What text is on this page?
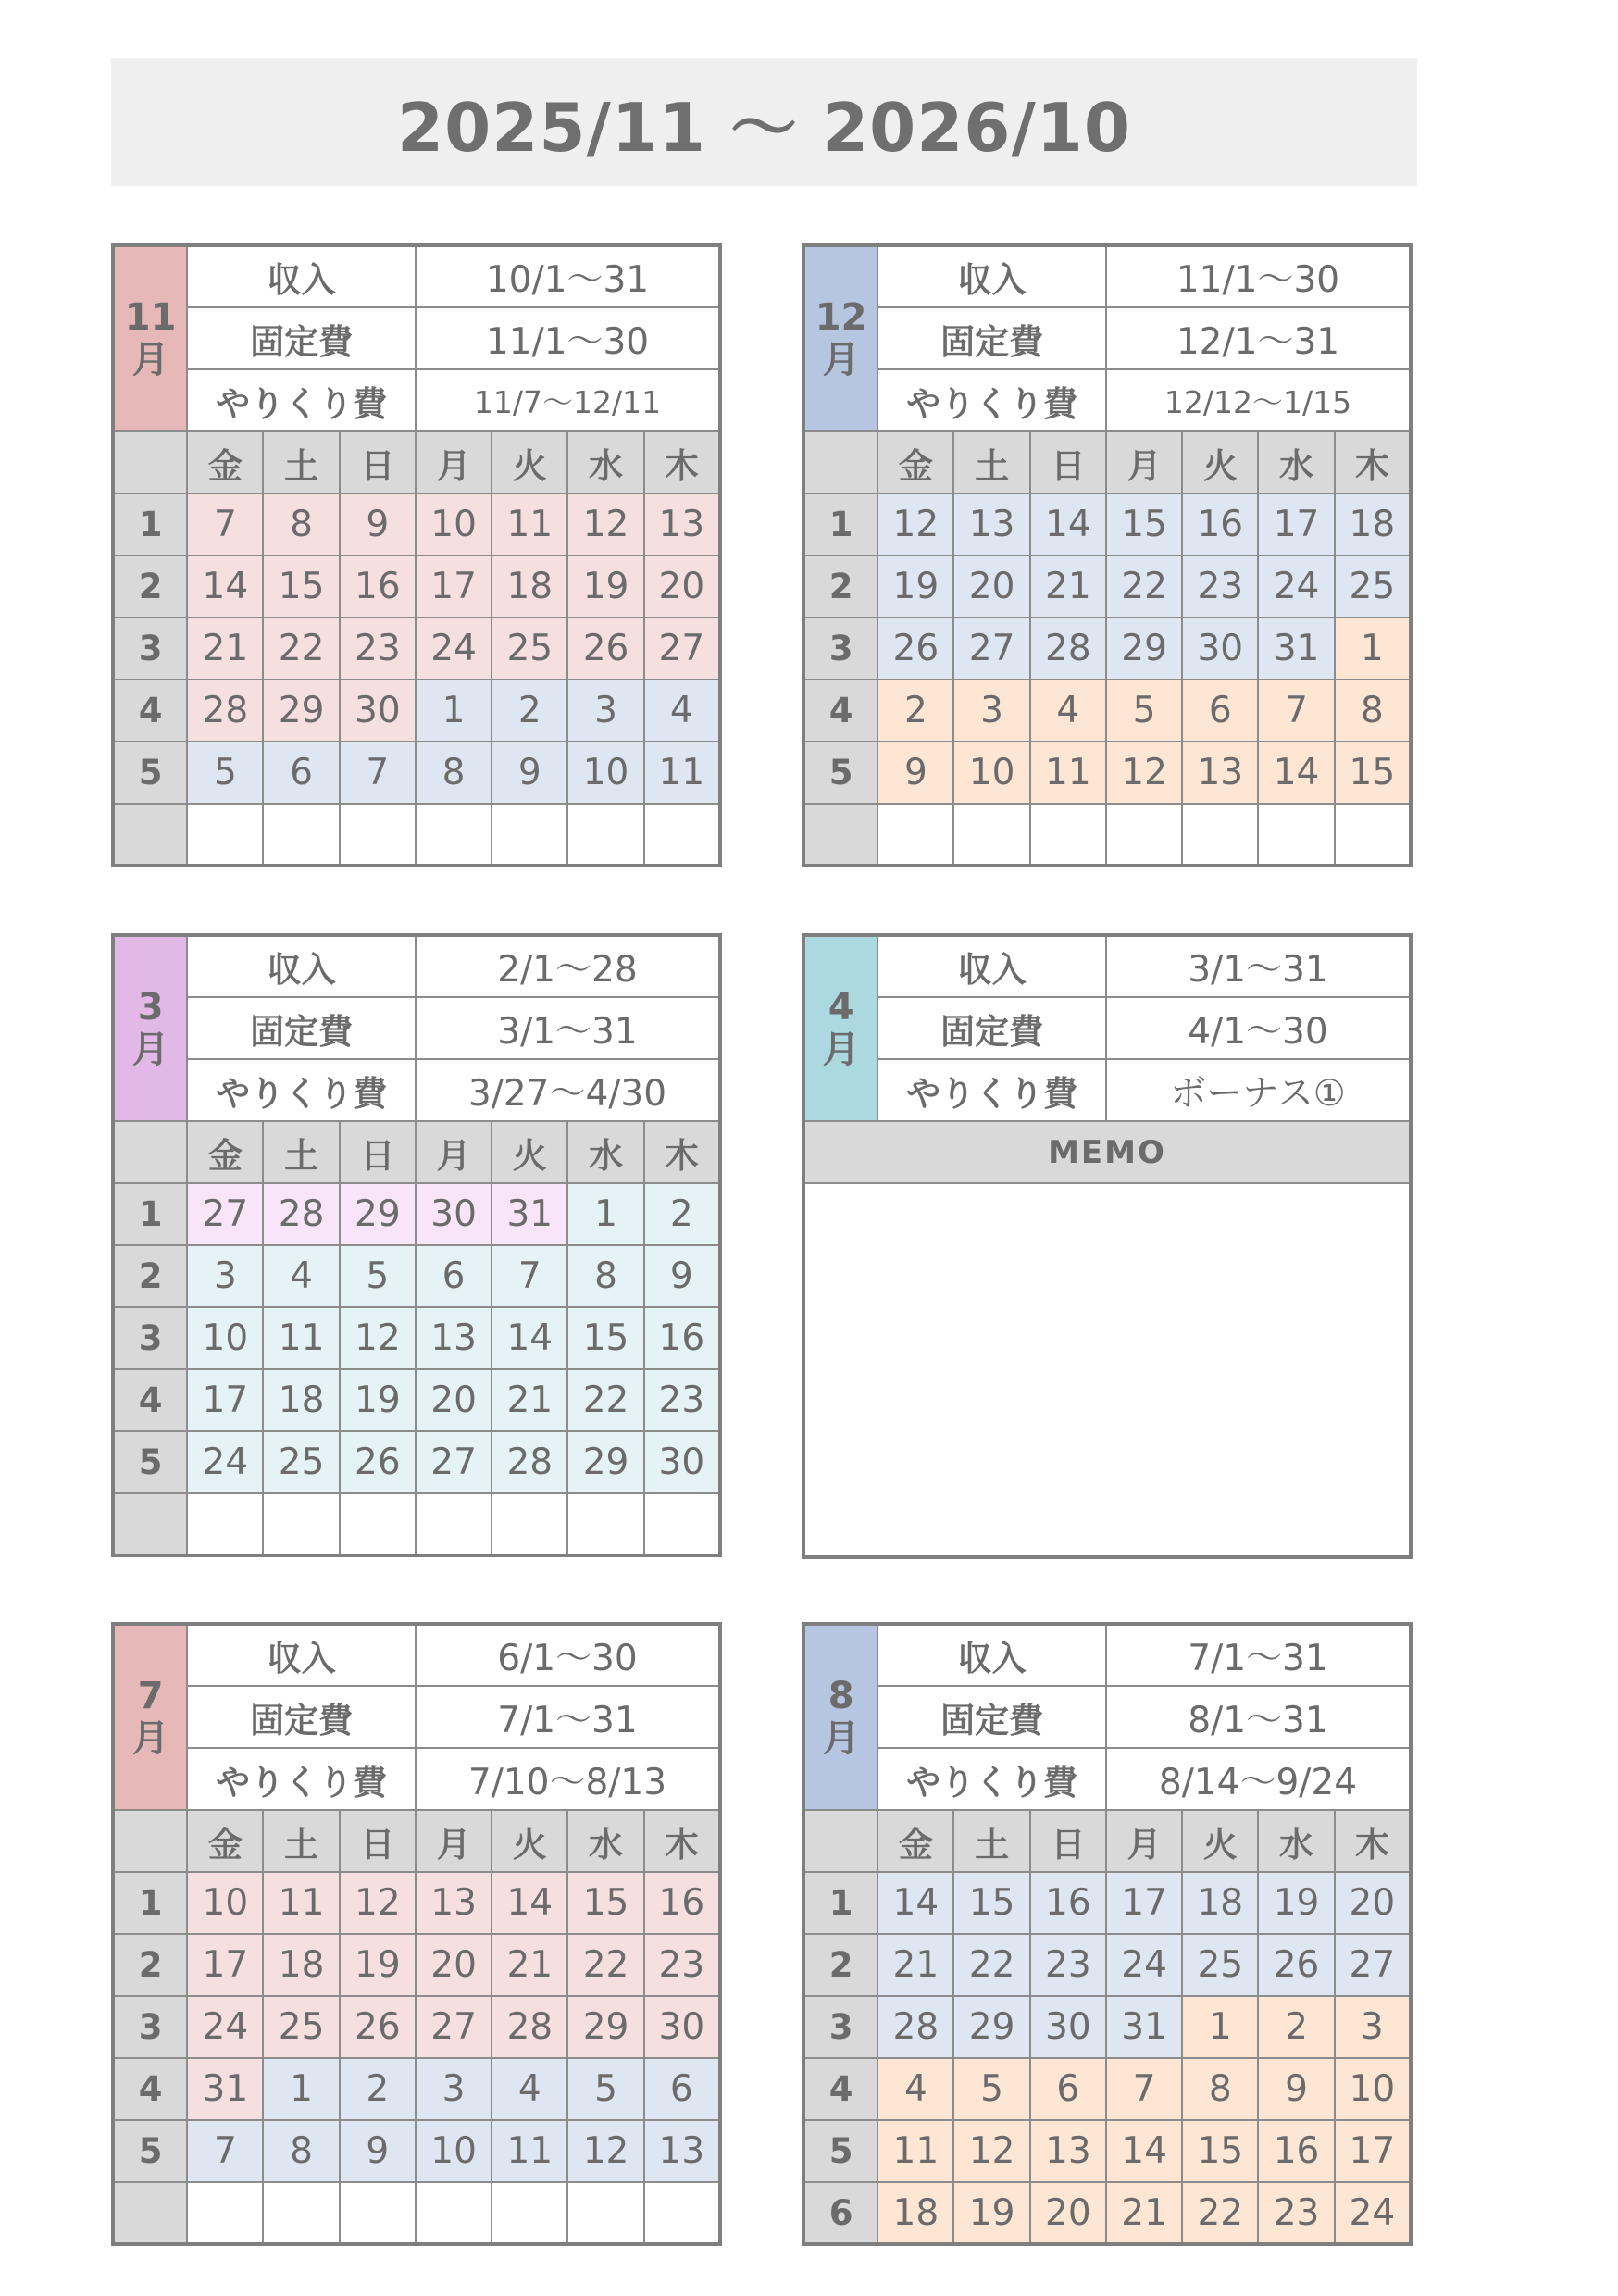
2025/11 ～ 2026/10
11
月	収入			10/1〜31			
	固定費			11/1〜30			
	やりくり費			11/7〜12/11			
	金	土	日	月	火	水	木
1	7	8	9	10	11	12	13
2	14	15	16	17	18	19	20
3	21	22	23	24	25	26	27
4	28	29	30	1	2	3	4
5	5	6	7	8	9	10	11

12
月	収入			11/1〜30			
	固定費			12/1〜31			
	やりくり費			12/12〜1/15			
	金	土	日	月	火	水	木
1	12	13	14	15	16	17	18
2	19	20	21	22	23	24	25
3	26	27	28	29	30	31	1
4	2	3	4	5	6	7	8
5	9	10	11	12	13	14	15

3
月	収入			2/1〜28			
	固定費			3/1〜31			
	やりくり費			3/27〜4/30			
	金	土	日	月	火	水	木
1	27	28	29	30	31	1	2
2	3	4	5	6	7	8	9
3	10	11	12	13	14	15	16
4	17	18	19	20	21	22	23
5	24	25	26	27	28	29	30

4
月	収入	3/1〜31
	固定費	4/1〜30
	やりくり費	ボーナス①
MEMO		

7
月	収入			6/1〜30			
	固定費			7/1〜31			
	やりくり費			7/10〜8/13			
	金	土	日	月	火	水	木
1	10	11	12	13	14	15	16
2	17	18	19	20	21	22	23
3	24	25	26	27	28	29	30
4	31	1	2	3	4	5	6
5	7	8	9	10	11	12	13

8
月	収入			7/1〜31			
	固定費			8/1〜31			
	やりくり費			8/14〜9/24			
	金	土	日	月	火	水	木
1	14	15	16	17	18	19	20
2	21	22	23	24	25	26	27
3	28	29	30	31	1	2	3
4	4	5	6	7	8	9	10
5	11	12	13	14	15	16	17
6	18	19	20	21	22	23	24
